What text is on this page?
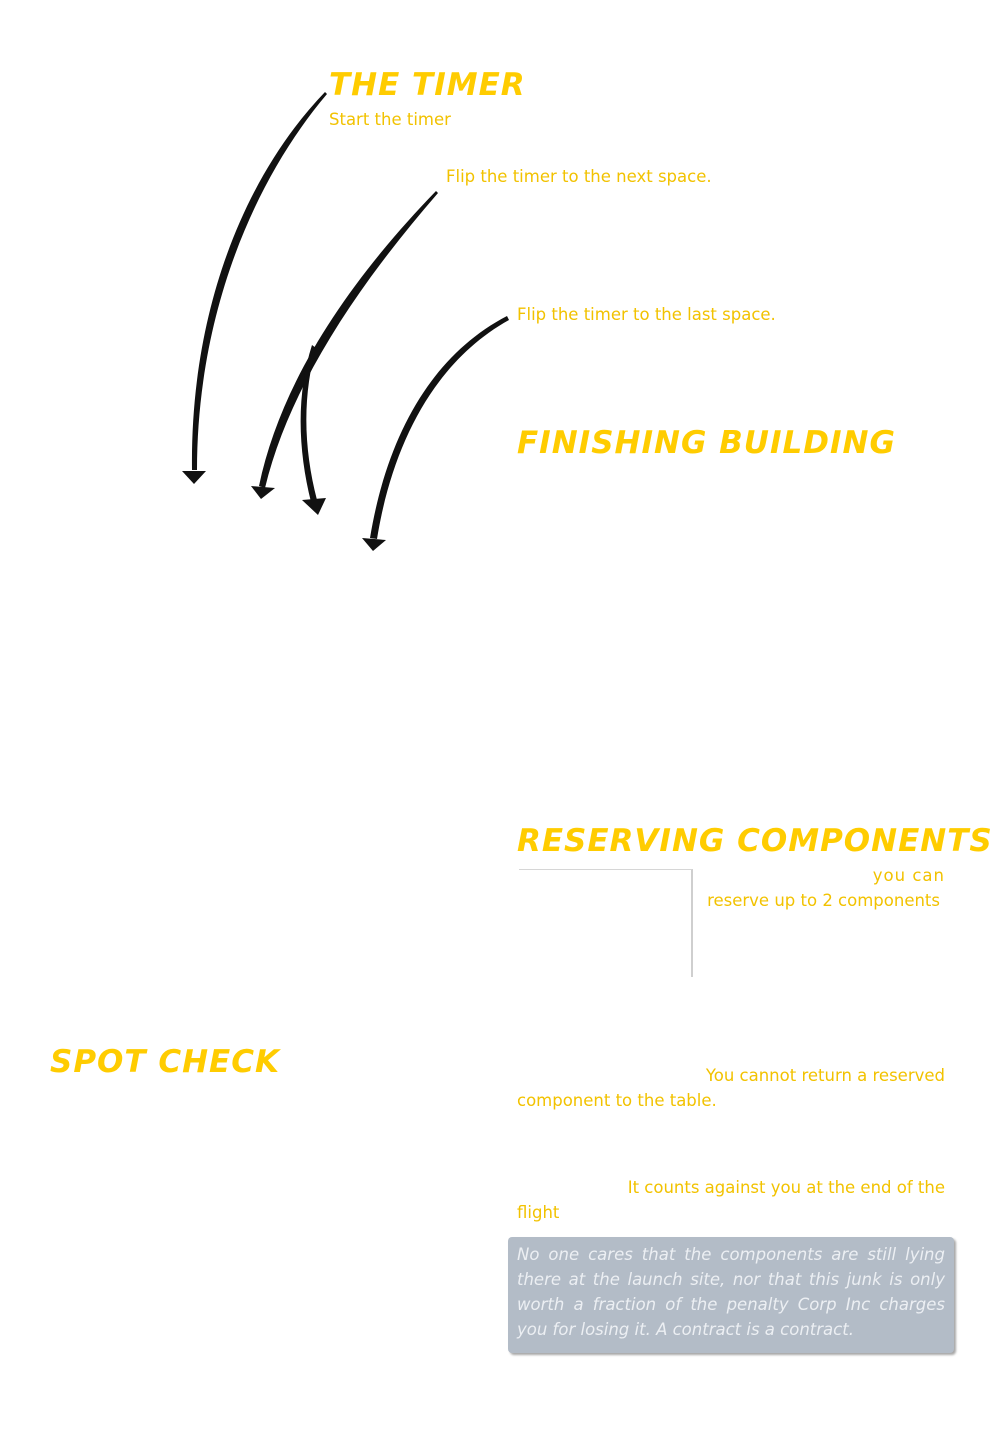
THE TIMER

Start the timer

Flip the timer to the next space.

Flip the timer to the last space.

FINISHING BUILDING
RESERVING COMPONENTS

you can

reserve up to 2 components

SPOT CHECK	You cannot return a reserved

component to the table.

It counts against you at the end of the

flight

No one cares that the components are still lying there at the launch site, nor that this junk is only worth a fraction of the penalty Corp Inc charges you for losing it. A contract is a contract.
